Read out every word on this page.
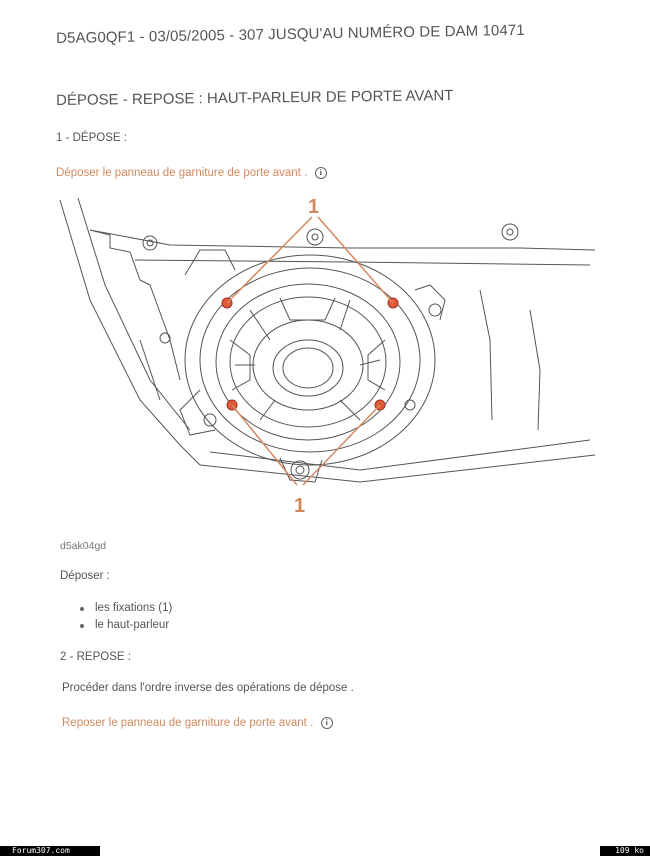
D5AG0QF1 - 03/05/2005 - 307 JUSQU'AU NUMÉRO DE DAM 10471
DÉPOSE - REPOSE : HAUT-PARLEUR DE PORTE AVANT
1 - DÉPOSE :
Déposer le panneau de garniture de porte avant . i
1
1
d5ak04gd
Déposer :
les fixations (1)
le haut-parleur
2 - REPOSE :
Procéder dans l'ordre inverse des opérations de dépose .
Reposer le panneau de garniture de porte avant . i
Forum307.com	109 ko
